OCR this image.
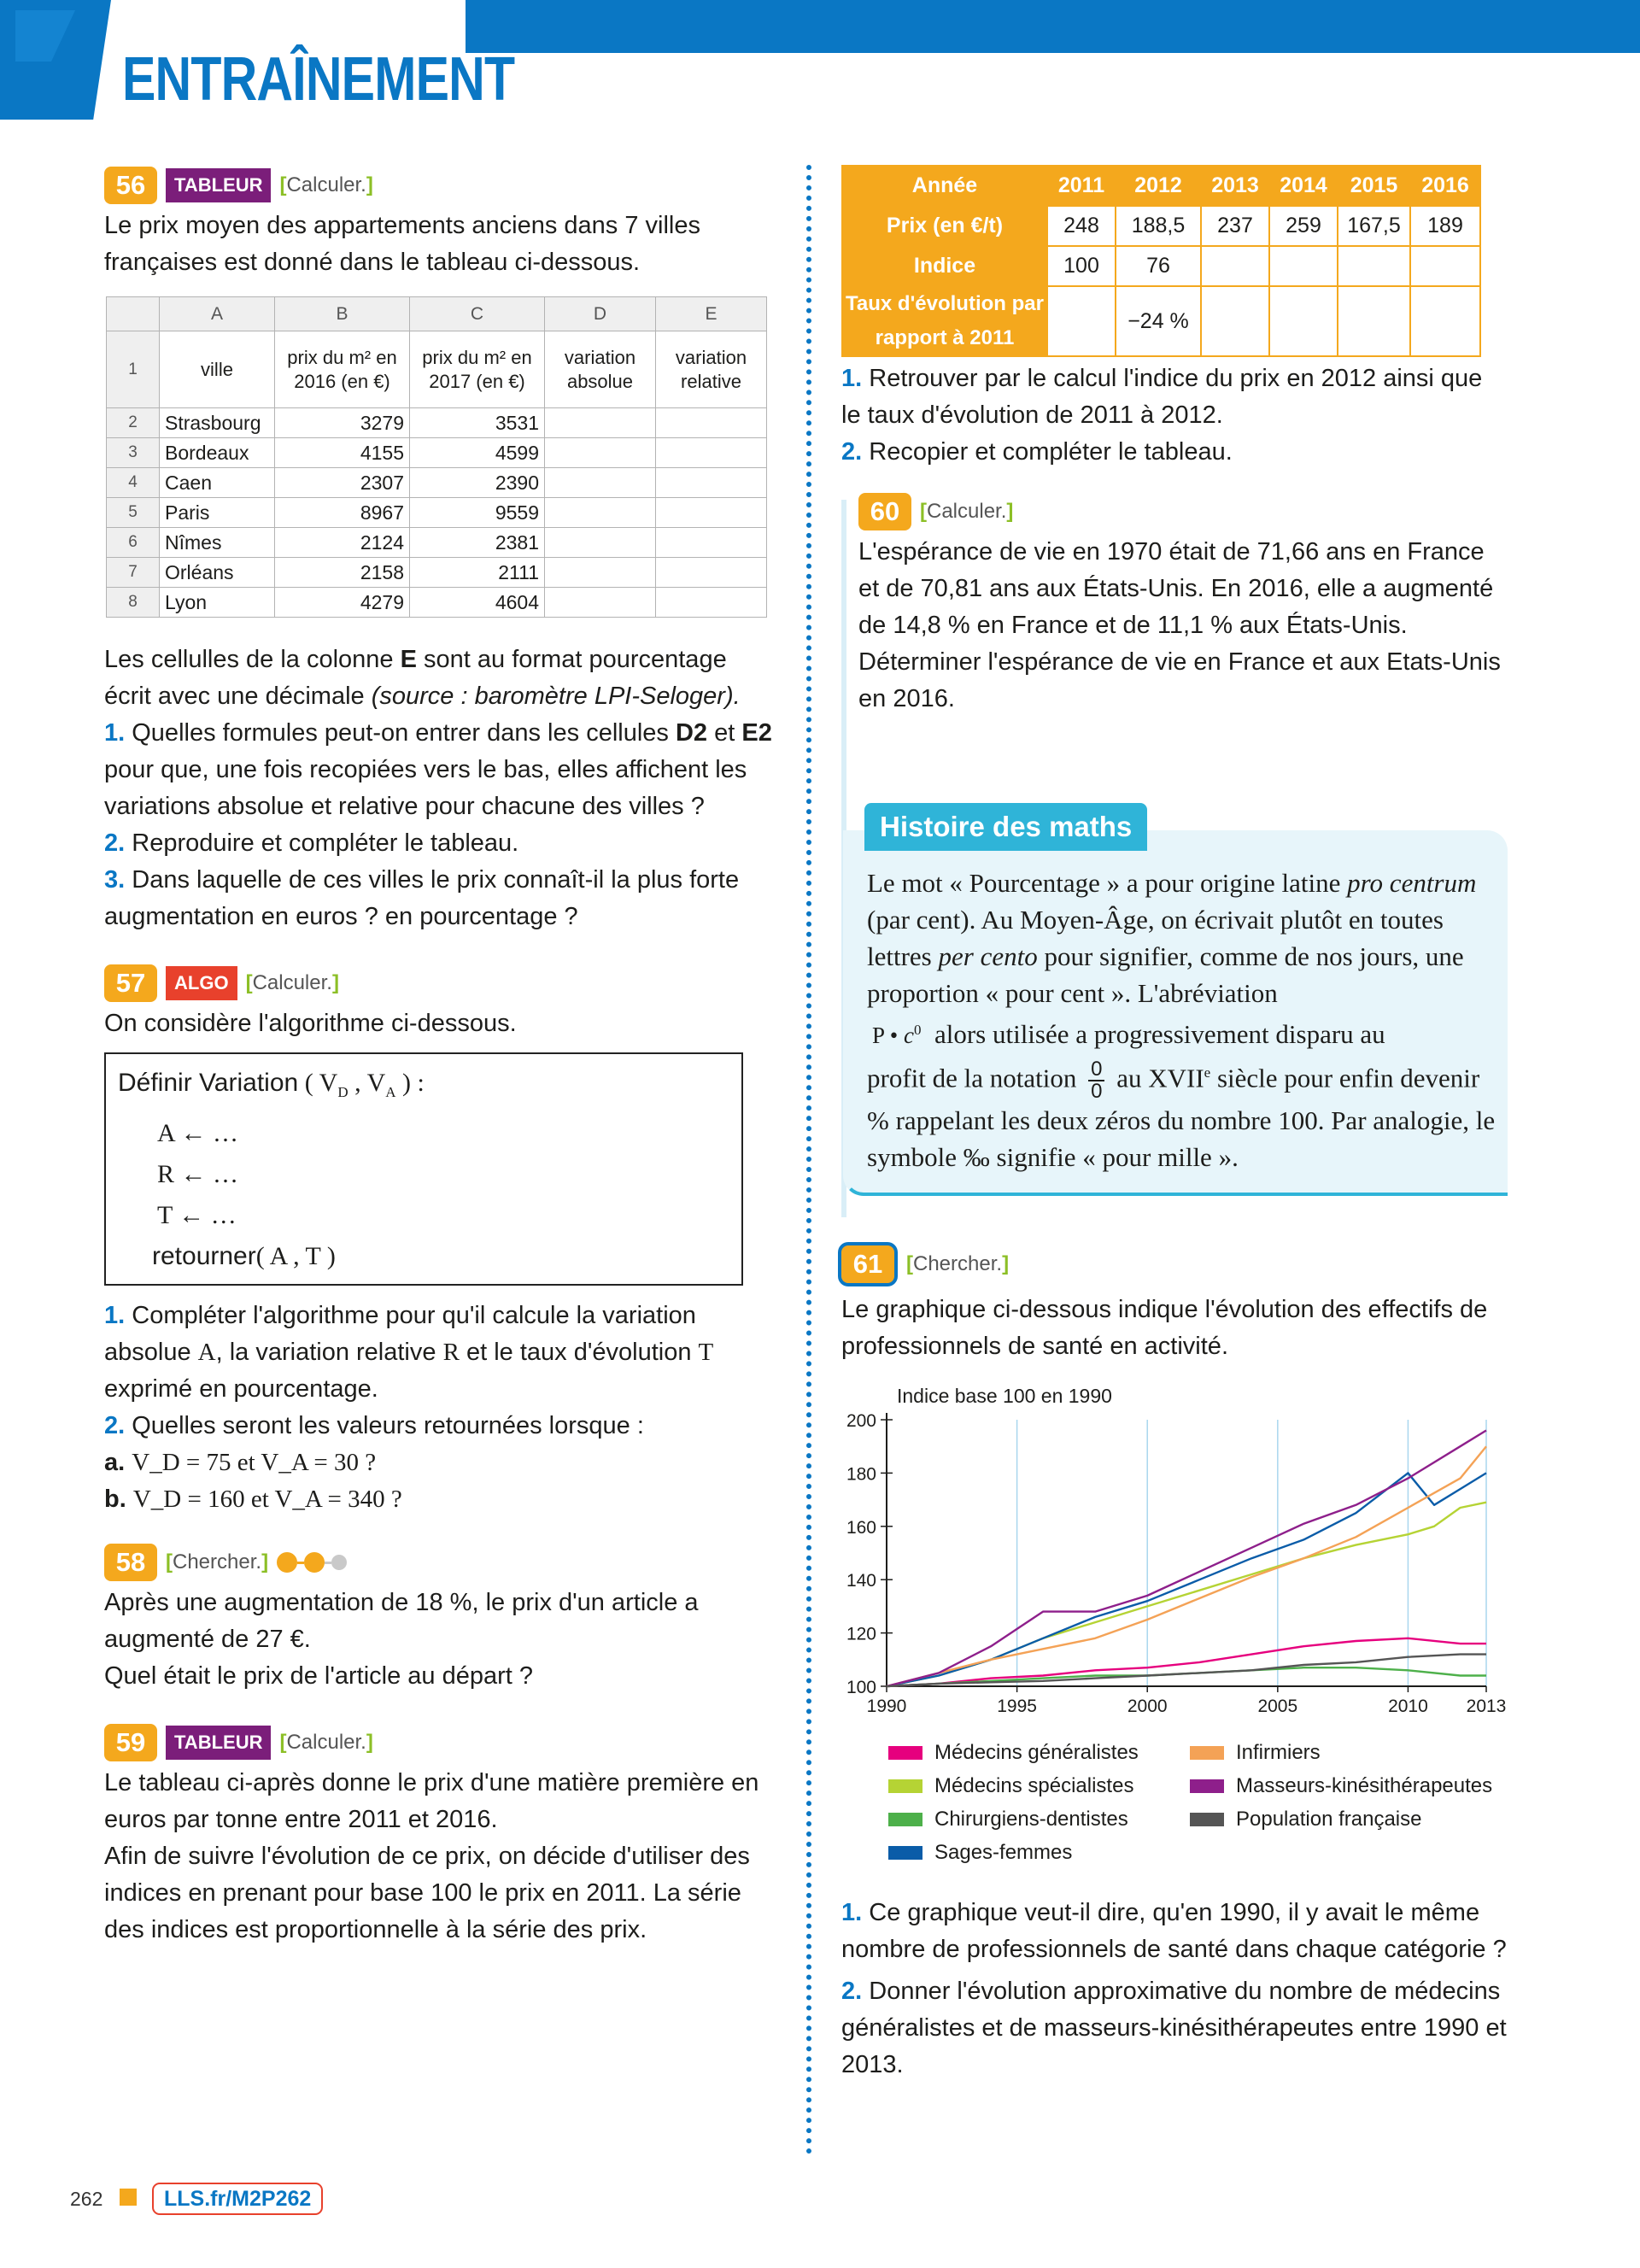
ENTRAÎNEMENT
56	TABLEUR [Calculer.]

Le prix moyen des appartements anciens dans 7 villes françaises est donné dans le tableau ci-dessous.

	A	B	C	D	E
1	ville	prix du m² en 2016 (en €)	prix du m² en 2017 (en €)	variation absolue	variation relative
2	Strasbourg	3279	3531		
3	Bordeaux	4155	4599		
4	Caen	2307	2390		
5	Paris	8967	9559		
6	Nîmes	2124	2381		
7	Orléans	2158	2111		
8	Lyon	4279	4604		

Les cellulles de la colonne E sont au format pourcentage écrit avec une décimale (source : baromètre LPI-Seloger).

1. Quelles formules peut-on entrer dans les cellules D2 et E2 pour que, une fois recopiées vers le bas, elles affichent les variations absolue et relative pour chacune des villes ?

2. Reproduire et compléter le tableau.

3. Dans laquelle de ces villes le prix connaît-il la plus forte augmentation en euros ? en pourcentage ?

57	ALGO [Calculer.]

On considère l'algorithme ci-dessous.

Définir Variation ( $V_D$ , $V_A$ ) :
A ← …
R ← …
T ← …
retourner( A , T )

1. Compléter l'algorithme pour qu'il calcule la variation absolue A, la variation relative R et le taux d'évolution T exprimé en pourcentage.

2. Quelles seront les valeurs retournées lorsque :

a. V_D = 75 et V_A = 30 ?

b. V_D = 160 et V_A = 340 ?

58 [Chercher.]

Après une augmentation de 18 %, le prix d'un article a augmenté de 27 €.

Quel était le prix de l'article au départ ?

59	TABLEUR [Calculer.]

Le tableau ci-après donne le prix d'une matière première en euros par tonne entre 2011 et 2016.

Afin de suivre l'évolution de ce prix, on décide d'utiliser des indices en prenant pour base 100 le prix en 2011. La série des indices est proportionnelle à la série des prix.

Année	2011	2012	2013	2014	2015	2016
Prix (en €/t)	248	188,5	237	259	167,5	189
Indice	100	76				
Taux d'évolution par rapport à 2011		−24 %				

1. Retrouver par le calcul l'indice du prix en 2012 ainsi que le taux d'évolution de 2011 à 2012.

2. Recopier et compléter le tableau.

60 [Calculer.]

L'espérance de vie en 1970 était de 71,66 ans en France et de 70,81 ans aux États-Unis. En 2016, elle a augmenté de 14,8 % en France et de 11,1 % aux États-Unis.

Déterminer l'espérance de vie en France et aux Etats-Unis en 2016.

Histoire des maths
Le mot « Pourcentage » a pour origine latine pro centrum (par cent). Au Moyen-Âge, on écrivait plutôt en toutes lettres per cento pour signifier, comme de nos jours, une proportion « pour cent ». L'abréviation
P • $c^0$ alors utilisée a progressivement disparu au
profit de la notation $\frac{0}{0}$ au XVIIe siècle pour enfin devenir % rappelant les deux zéros du nombre 100. Par analogie, le symbole ‰ signifie « pour mille ».
61	[Chercher.]

Le graphique ci-dessous indique l'évolution des effectifs de professionnels de santé en activité.

Indice base 100 en 1990
1990	1995	2000	2005	2010 2013
100
120
140
160
180
200
Médecins généralistes
Médecins spécialistes
Chirurgiens-dentistes
Sages-femmes
Infirmiers
Masseurs-kinésithérapeutes
Population française

1. Ce graphique veut-il dire, qu'en 1990, il y avait le même nombre de professionnels de santé dans chaque catégorie ?

2. Donner l'évolution approximative du nombre de médecins généralistes et de masseurs-kinésithérapeutes entre 1990 et 2013.

262	LLS.fr/M2P262
